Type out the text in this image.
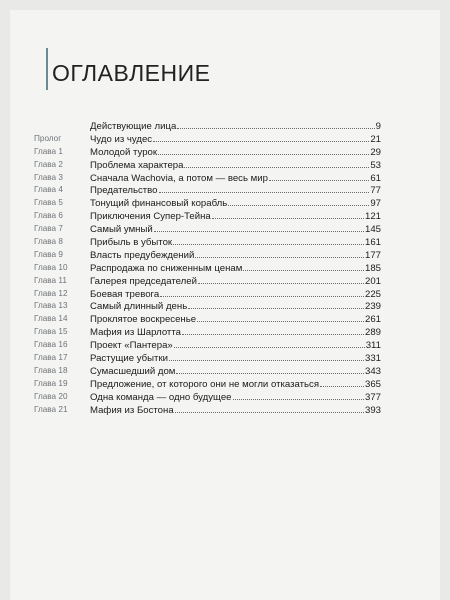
ОГЛАВЛЕНИЕ
Действующие лица	9
Пролог	Чудо из чудес	21
Глава 1	Молодой турок	29
Глава 2	Проблема характера	53
Глава 3	Сначала Wachovia, а потом — весь мир	61
Глава 4	Предательство	77
Глава 5	Тонущий финансовый корабль	97
Глава 6	Приключения Супер-Тейна	121
Глава 7	Самый умный	145
Глава 8	Прибыль в убыток	161
Глава 9	Власть предубеждений	177
Глава 10	Распродажа по сниженным ценам	185
Глава 11	Галерея председателей	201
Глава 12	Боевая тревога	225
Глава 13	Самый длинный день	239
Глава 14	Проклятое воскресенье	261
Глава 15	Мафия из Шарлотта	289
Глава 16	Проект «Пантера»	311
Глава 17	Растущие убытки	331
Глава 18	Сумасшедший дом	343
Глава 19	Предложение, от которого они не могли отказаться	365
Глава 20	Одна команда — одно будущее	377
Глава 21	Мафия из Бостона	393
